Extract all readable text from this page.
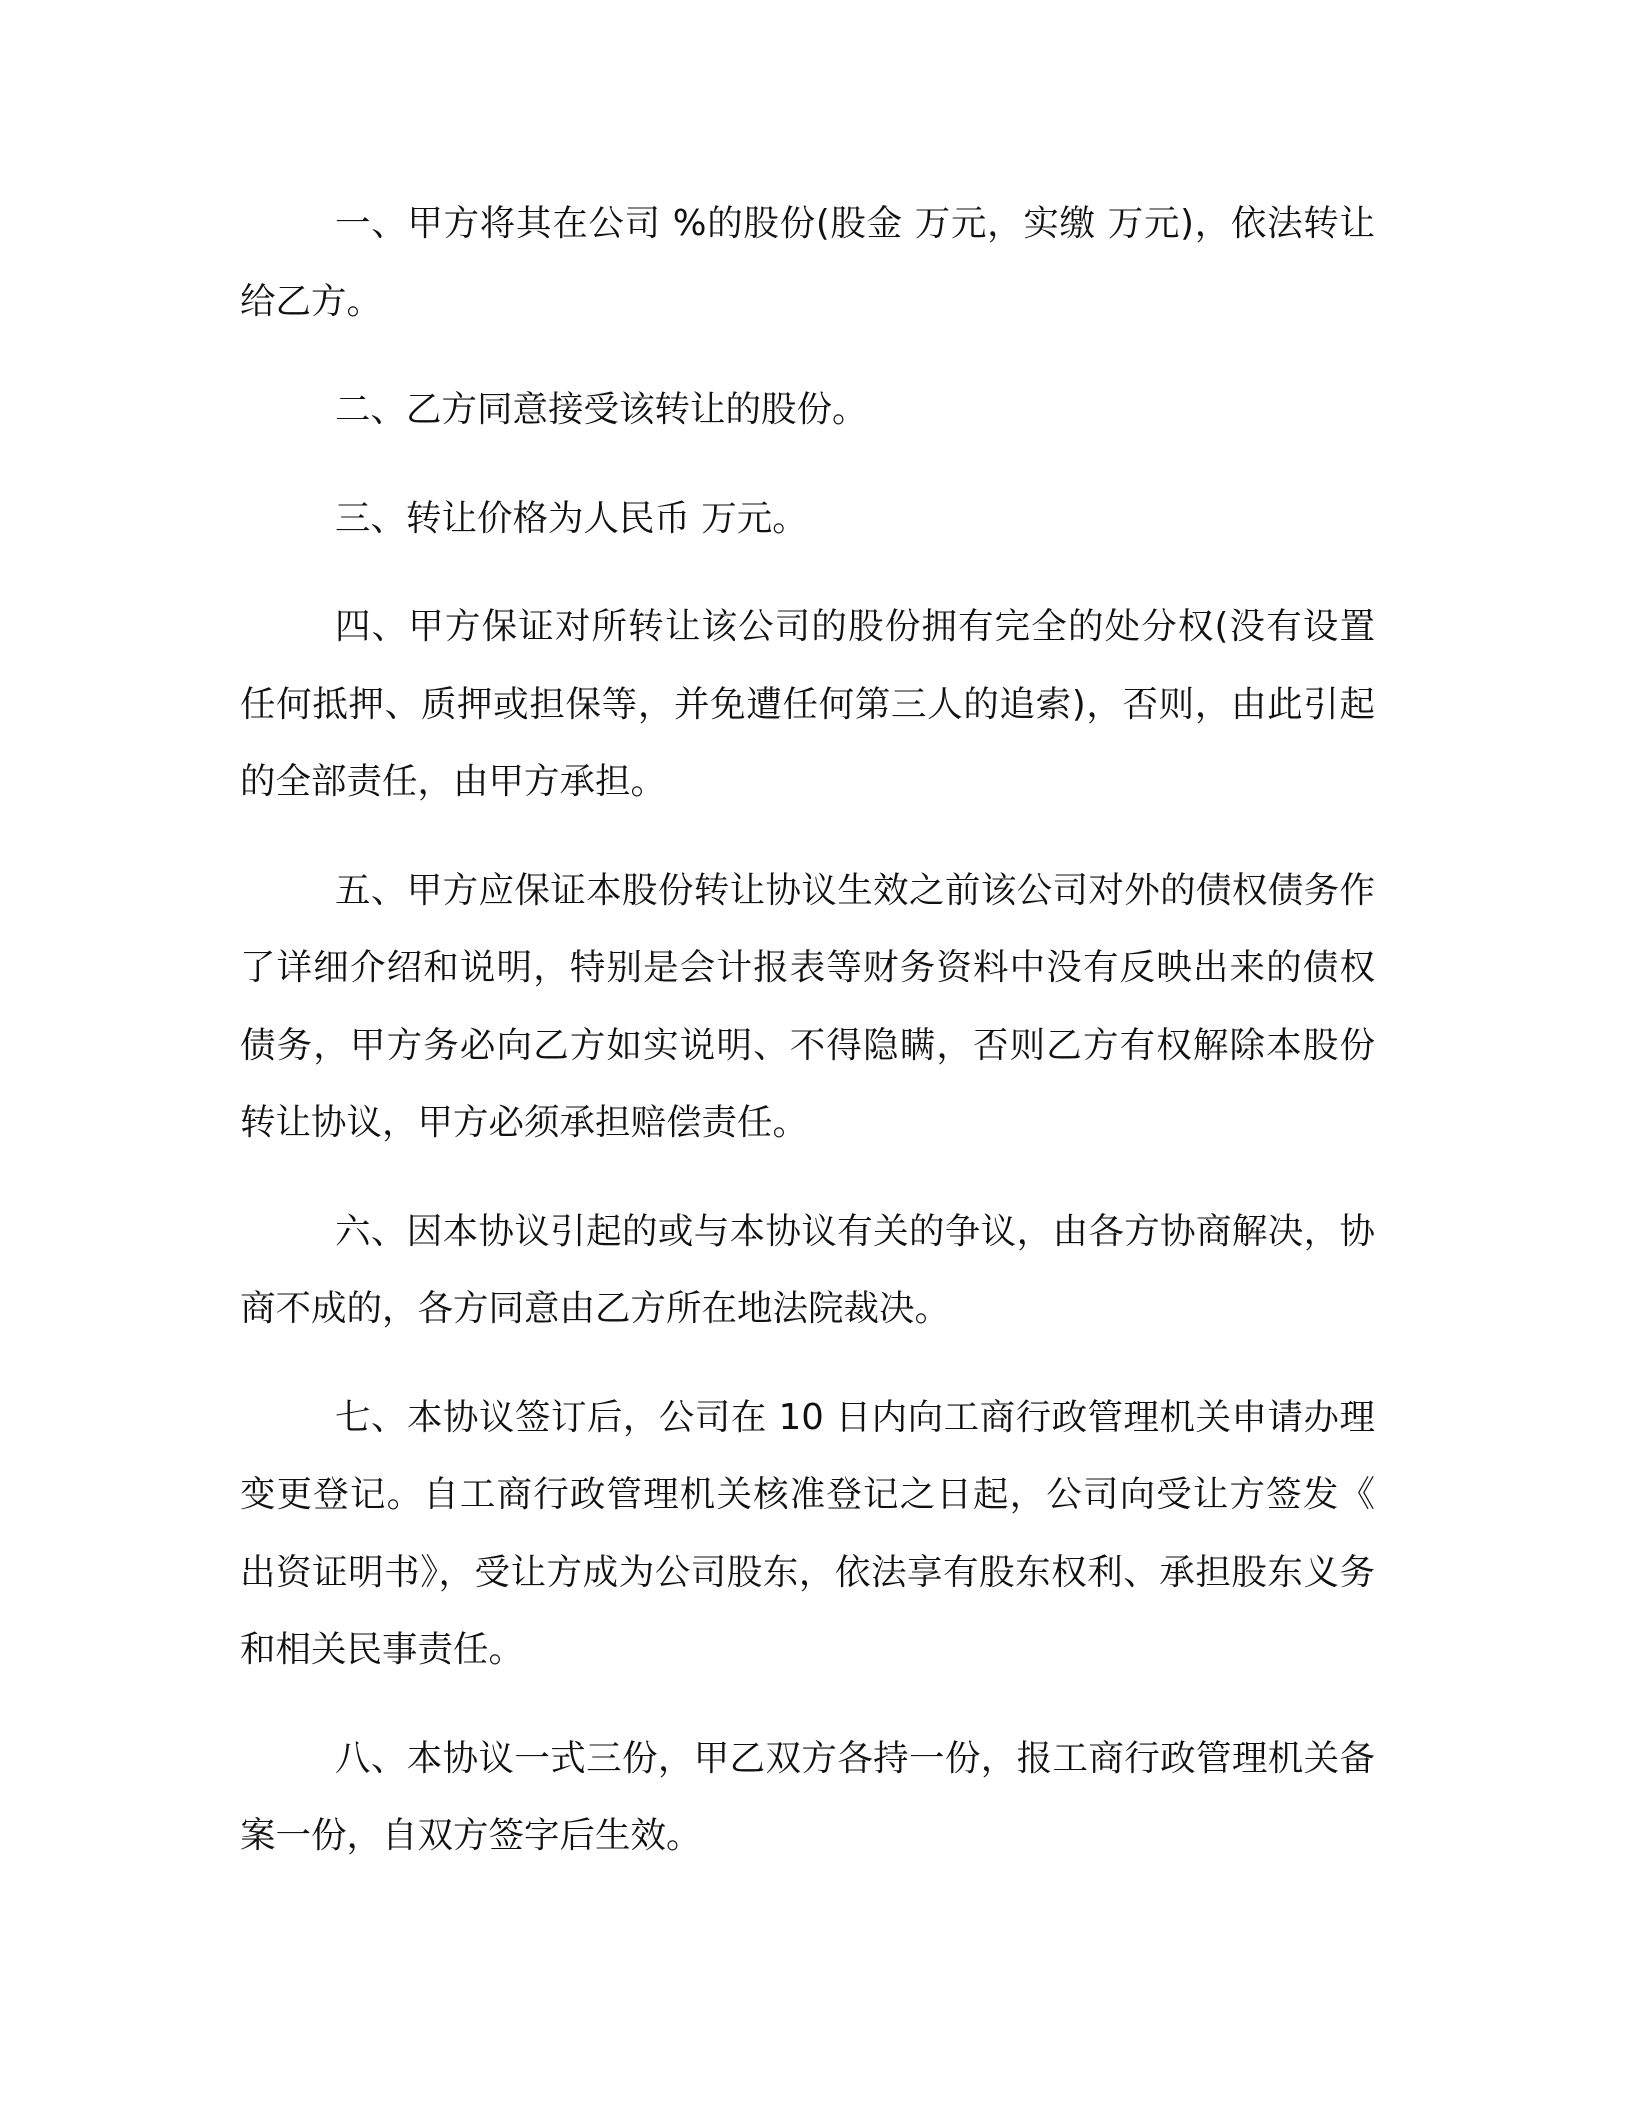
一、甲方将其在公司 %的股份(股金 万元，实缴 万元)，依法转让给乙方。

二、乙方同意接受该转让的股份。

三、转让价格为人民币 万元。

四、甲方保证对所转让该公司的股份拥有完全的处分权(没有设置任何抵押、质押或担保等，并免遭任何第三人的追索)，否则，由此引起的全部责任，由甲方承担。

五、甲方应保证本股份转让协议生效之前该公司对外的债权债务作了详细介绍和说明，特别是会计报表等财务资料中没有反映出来的债权债务，甲方务必向乙方如实说明、不得隐瞒，否则乙方有权解除本股份转让协议，甲方必须承担赔偿责任。

六、因本协议引起的或与本协议有关的争议，由各方协商解决，协商不成的，各方同意由乙方所在地法院裁决。

七、本协议签订后，公司在 10 日内向工商行政管理机关申请办理变更登记。自工商行政管理机关核准登记之日起，公司向受让方签发《出资证明书》，受让方成为公司股东，依法享有股东权利、承担股东义务和相关民事责任。

八、本协议一式三份，甲乙双方各持一份，报工商行政管理机关备案一份，自双方签字后生效。
